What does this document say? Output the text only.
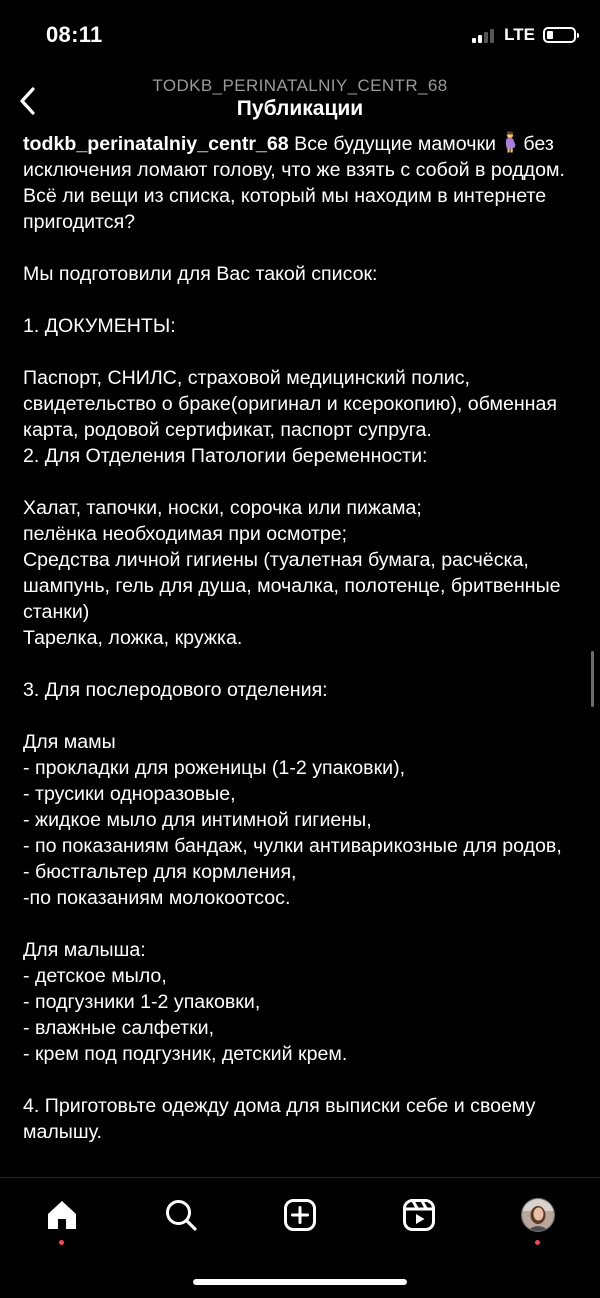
08:11	LTE
TODKB_PERINATALNIY_CENTR_68
Публикации

todkb_perinatalniy_centr_68 Все будущие мамочки без исключения ломают голову, что же взять с собой в роддом.

Всё ли вещи из списка, который мы находим в интернете пригодится?

Мы подготовили для Вас такой список:

1. ДОКУМЕНТЫ:

Паспорт, СНИЛС, страховой медицинский полис, свидетельство о браке(оригинал и ксерокопию), обменная карта, родовой сертификат, паспорт супруга.

2. Для Отделения Патологии беременности:

Халат, тапочки, носки, сорочка или пижама;

пелёнка необходимая при осмотре;

Средства личной гигиены (туалетная бумага, расчёска, шампунь, гель для душа, мочалка, полотенце, бритвенные станки)

Тарелка, ложка, кружка.

3. Для послеродового отделения:

Для мамы

- прокладки для роженицы (1-2 упаковки),

- трусики одноразовые,

- жидкое мыло для интимной гигиены,

- по показаниям бандаж, чулки антиварикозные для родов,

- бюстгальтер для кормления,

-по показаниям молокоотсос.

Для малыша:

- детское мыло,

- подгузники 1-2 упаковки,

- влажные салфетки,

- крем под подгузник, детский крем.

4. Приготовьте одежду дома для выписки себе и своему малышу.
